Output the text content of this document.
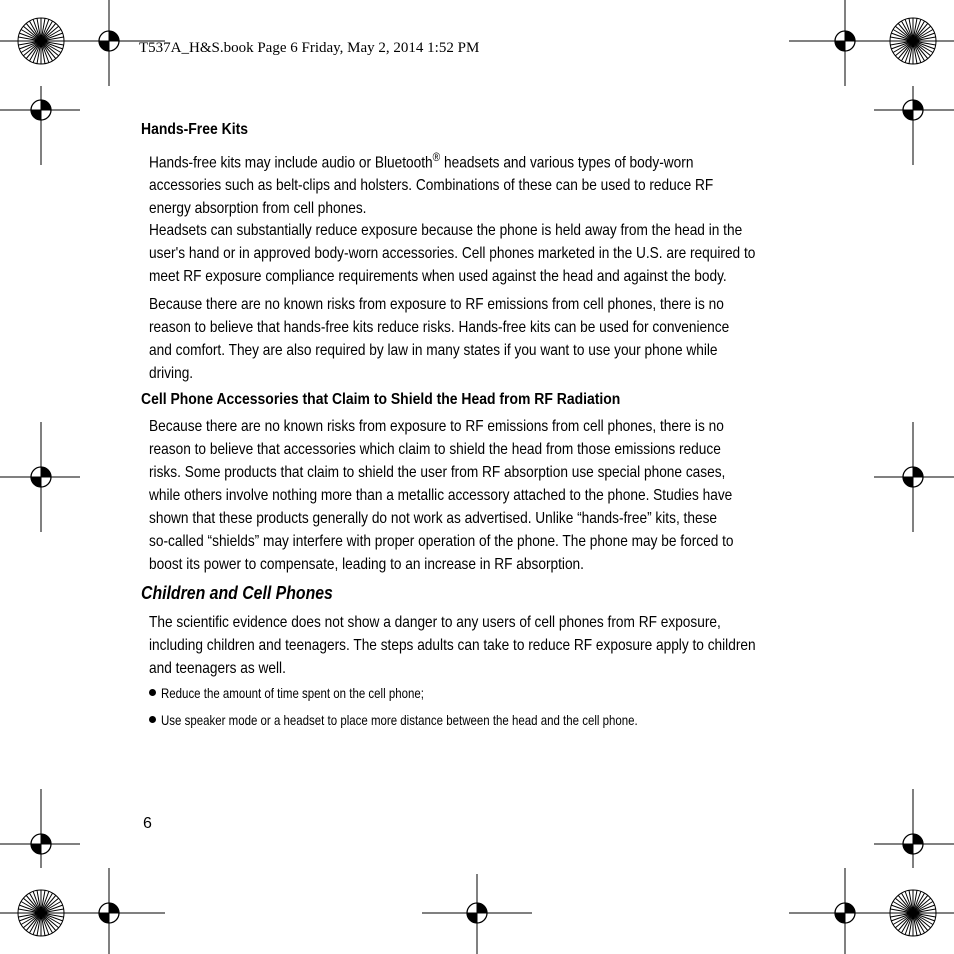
T537A_H&S.book Page 6 Friday, May 2, 2014 1:52 PM
Hands-Free Kits
Hands-free kits may include audio or Bluetooth® headsets and various types of body-worn
accessories such as belt-clips and holsters. Combinations of these can be used to reduce RF
energy absorption from cell phones.
Headsets can substantially reduce exposure because the phone is held away from the head in the
user's hand or in approved body-worn accessories. Cell phones marketed in the U.S. are required to
meet RF exposure compliance requirements when used against the head and against the body.
Because there are no known risks from exposure to RF emissions from cell phones, there is no
reason to believe that hands-free kits reduce risks. Hands-free kits can be used for convenience
and comfort. They are also required by law in many states if you want to use your phone while
driving.
Cell Phone Accessories that Claim to Shield the Head from RF Radiation
Because there are no known risks from exposure to RF emissions from cell phones, there is no
reason to believe that accessories which claim to shield the head from those emissions reduce
risks. Some products that claim to shield the user from RF absorption use special phone cases,
while others involve nothing more than a metallic accessory attached to the phone. Studies have
shown that these products generally do not work as advertised. Unlike “hands-free” kits, these
so-called “shields” may interfere with proper operation of the phone. The phone may be forced to
boost its power to compensate, leading to an increase in RF absorption.
Children and Cell Phones
The scientific evidence does not show a danger to any users of cell phones from RF exposure,
including children and teenagers. The steps adults can take to reduce RF exposure apply to children
and teenagers as well.
Reduce the amount of time spent on the cell phone;
Use speaker mode or a headset to place more distance between the head and the cell phone.
6
